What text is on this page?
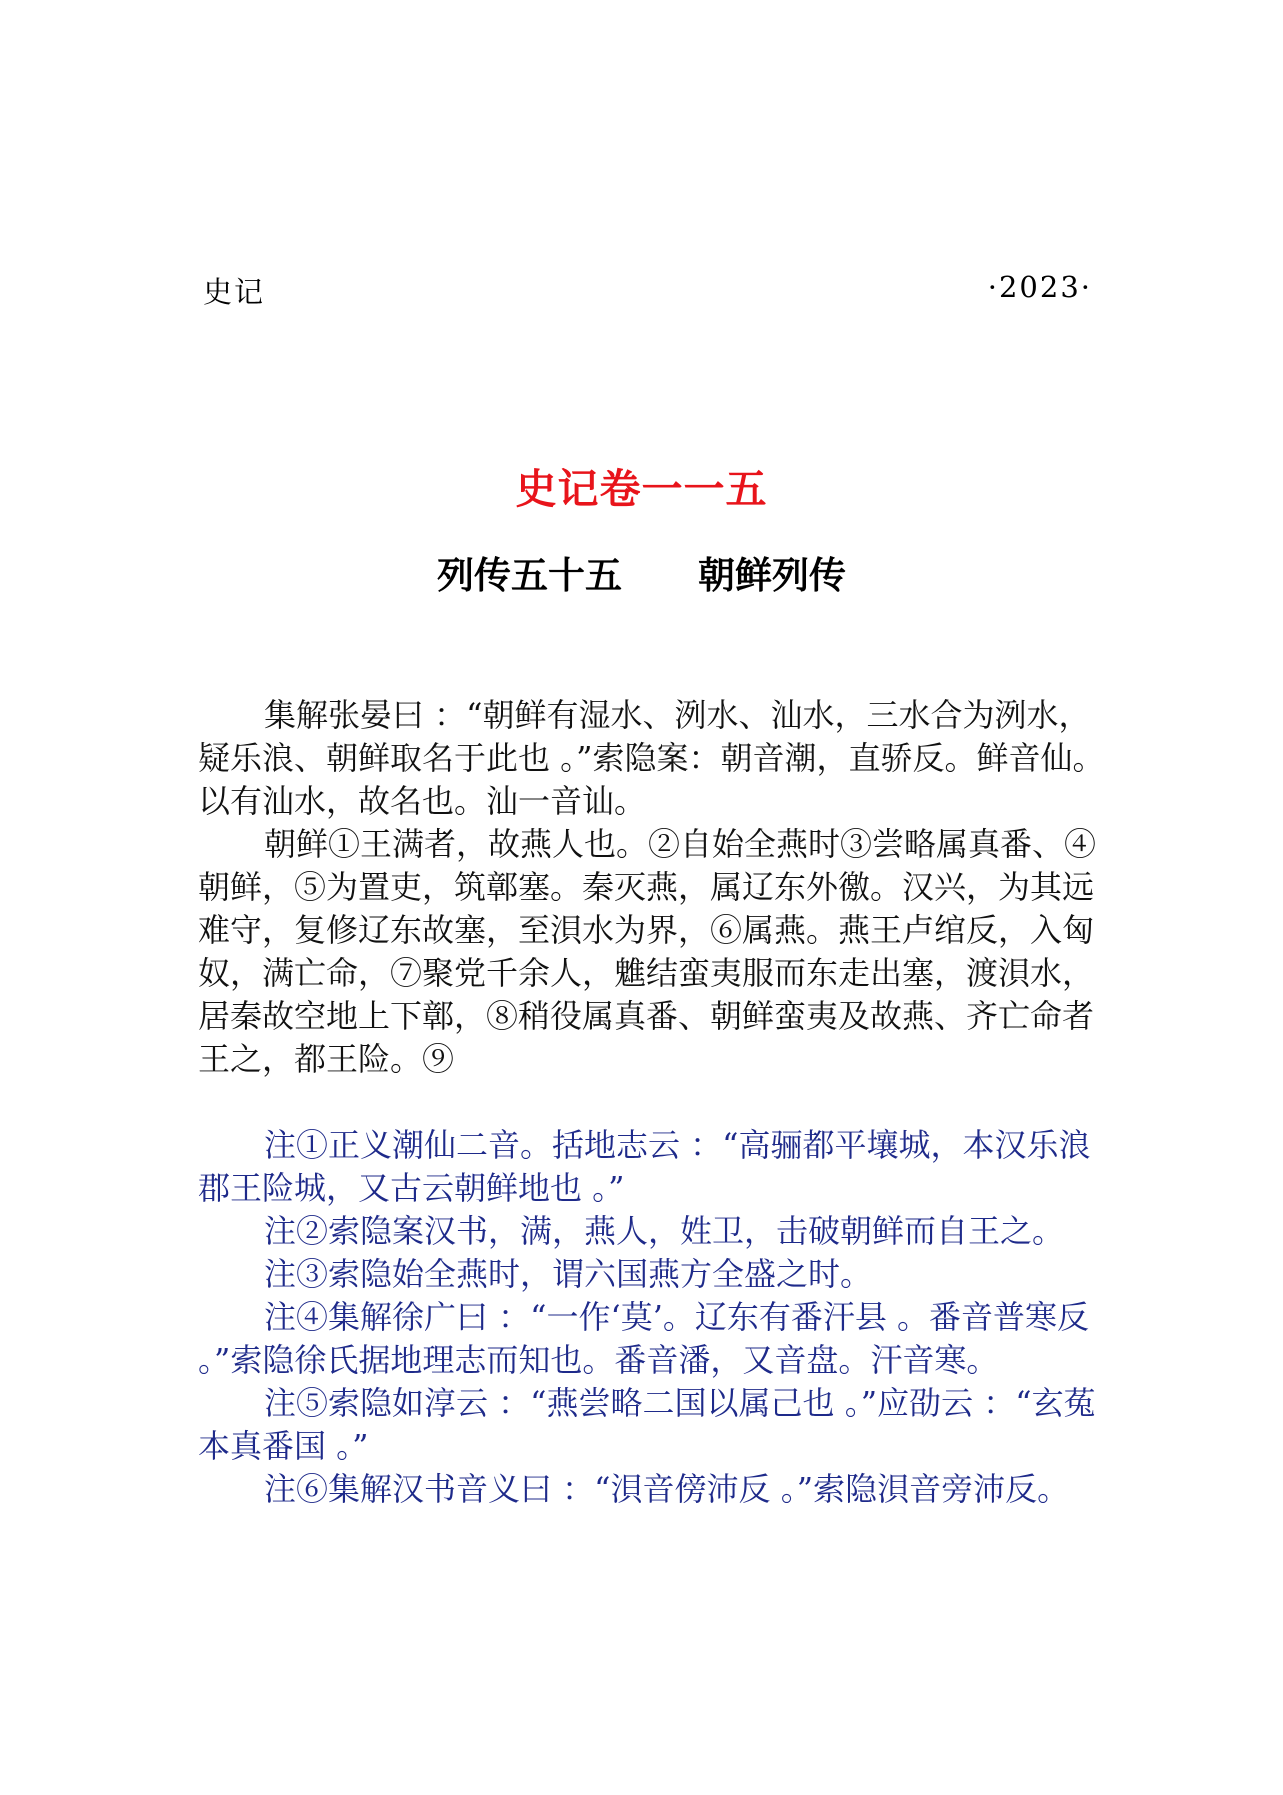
史记	·2023·
史记卷一一五
列传五十五 朝鲜列传

集解张晏曰 ：“朝鲜有湿水、洌水、汕水，三水合为洌水，疑乐浪、朝鲜取名于此也 。”索隐案：朝音潮，直骄反。鲜音仙。以有汕水，故名也。汕一音讪。

朝鲜①王满者，故燕人也。②自始全燕时③尝略属真番、④朝鲜，⑤为置吏，筑鄣塞。秦灭燕，属辽东外徼。汉兴，为其远难守，复修辽东故塞，至浿水为界，⑥属燕。燕王卢绾反，入匈奴，满亡命，⑦聚党千余人，魋结蛮夷服而东走出塞，渡浿水，居秦故空地上下鄣，⑧稍役属真番、朝鲜蛮夷及故燕、齐亡命者王之，都王险。⑨

注①正义潮仙二音。括地志云 ：“高骊都平壤城，本汉乐浪郡王险城，又古云朝鲜地也 。”

注②索隐案汉书，满，燕人，姓卫，击破朝鲜而自王之。

注③索隐始全燕时，谓六国燕方全盛之时。

注④集解徐广曰 ：“一作‘莫’。辽东有番汗县 。番音普寒反 。”索隐徐氏据地理志而知也。番音潘，又音盘。汗音寒。

注⑤索隐如淳云 ：“燕尝略二国以属己也 。”应劭云 ：“玄菟本真番国 。”

注⑥集解汉书音义曰 ：“浿音傍沛反 。”索隐浿音旁沛反。
